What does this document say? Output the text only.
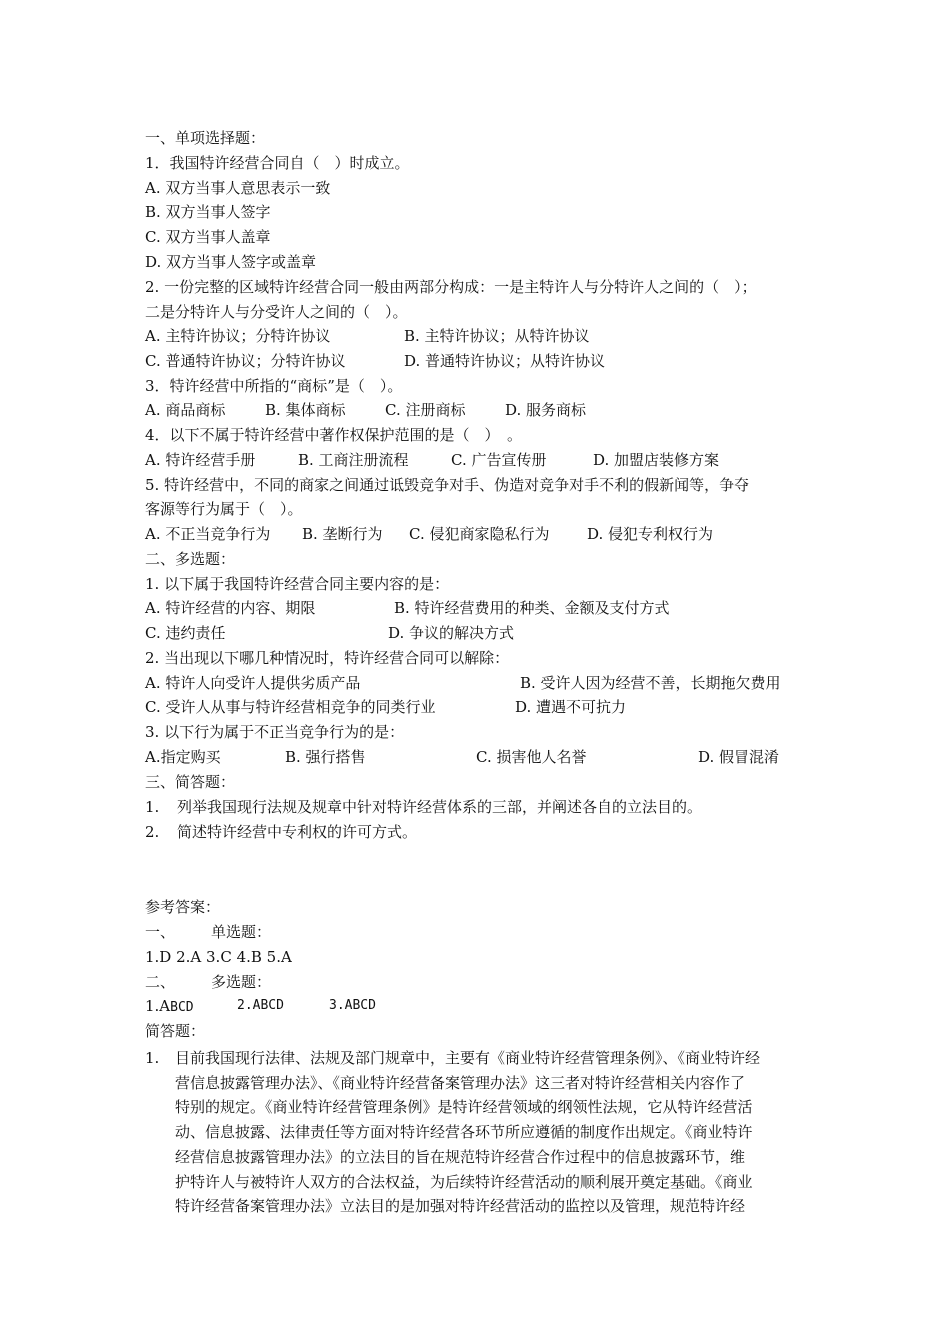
一、单项选择题：
1．我国特许经营合同自（　）时成立。
A. 双方当事人意思表示一致
B. 双方当事人签字
C. 双方当事人盖章
D. 双方当事人签字或盖章
2. 一份完整的区域特许经营合同一般由两部分构成：一是主特许人与分特许人之间的（　）；
二是分特许人与分受许人之间的（　）。
A. 主特许协议；分特许协议	B. 主特许协议；从特许协议
C. 普通特许协议；分特许协议	D. 普通特许协议；从特许协议
3．特许经营中所指的“商标”是（　）。
A. 商品商标	B. 集体商标	C. 注册商标	D. 服务商标
4．以下不属于特许经营中著作权保护范围的是（　）　。
A. 特许经营手册	B. 工商注册流程	C. 广告宣传册	D. 加盟店装修方案
5. 特许经营中，不同的商家之间通过诋毁竞争对手、伪造对竞争对手不利的假新闻等，争夺
客源等行为属于（　）。
A. 不正当竞争行为 B. 垄断行为 C. 侵犯商家隐私行为	D. 侵犯专利权行为
二、多选题：
1. 以下属于我国特许经营合同主要内容的是：
A. 特许经营的内容、期限	B. 特许经营费用的种类、金额及支付方式
C. 违约责任	D. 争议的解决方式
2. 当出现以下哪几种情况时，特许经营合同可以解除：
A. 特许人向受许人提供劣质产品	B. 受许人因为经营不善，长期拖欠费用
C. 受许人从事与特许经营相竞争的同类行业	D. 遭遇不可抗力
3. 以下行为属于不正当竞争行为的是：
A.指定购买	B. 强行搭售	C. 损害他人名誉	D. 假冒混淆
三、简答题：
1. 列举我国现行法规及规章中针对特许经营体系的三部，并阐述各自的立法目的。
2. 简述特许经营中专利权的许可方式。
参考答案：
一、 单选题：
1.D 2.A 3.C 4.B 5.A
二、 多选题：
1.ABCD	2.ABCD	3.ABCD
简答题：
1. 目前我国现行法律、法规及部门规章中，主要有《商业特许经营管理条例》、《商业特许经
营信息披露管理办法》、《商业特许经营备案管理办法》这三者对特许经营相关内容作了
特别的规定。《商业特许经营管理条例》是特许经营领域的纲领性法规，它从特许经营活
动、信息披露、法律责任等方面对特许经营各环节所应遵循的制度作出规定。《商业特许
经营信息披露管理办法》的立法目的旨在规范特许经营合作过程中的信息披露环节，维
护特许人与被特许人双方的合法权益，为后续特许经营活动的顺利展开奠定基础。《商业
特许经营备案管理办法》立法目的是加强对特许经营活动的监控以及管理，规范特许经
